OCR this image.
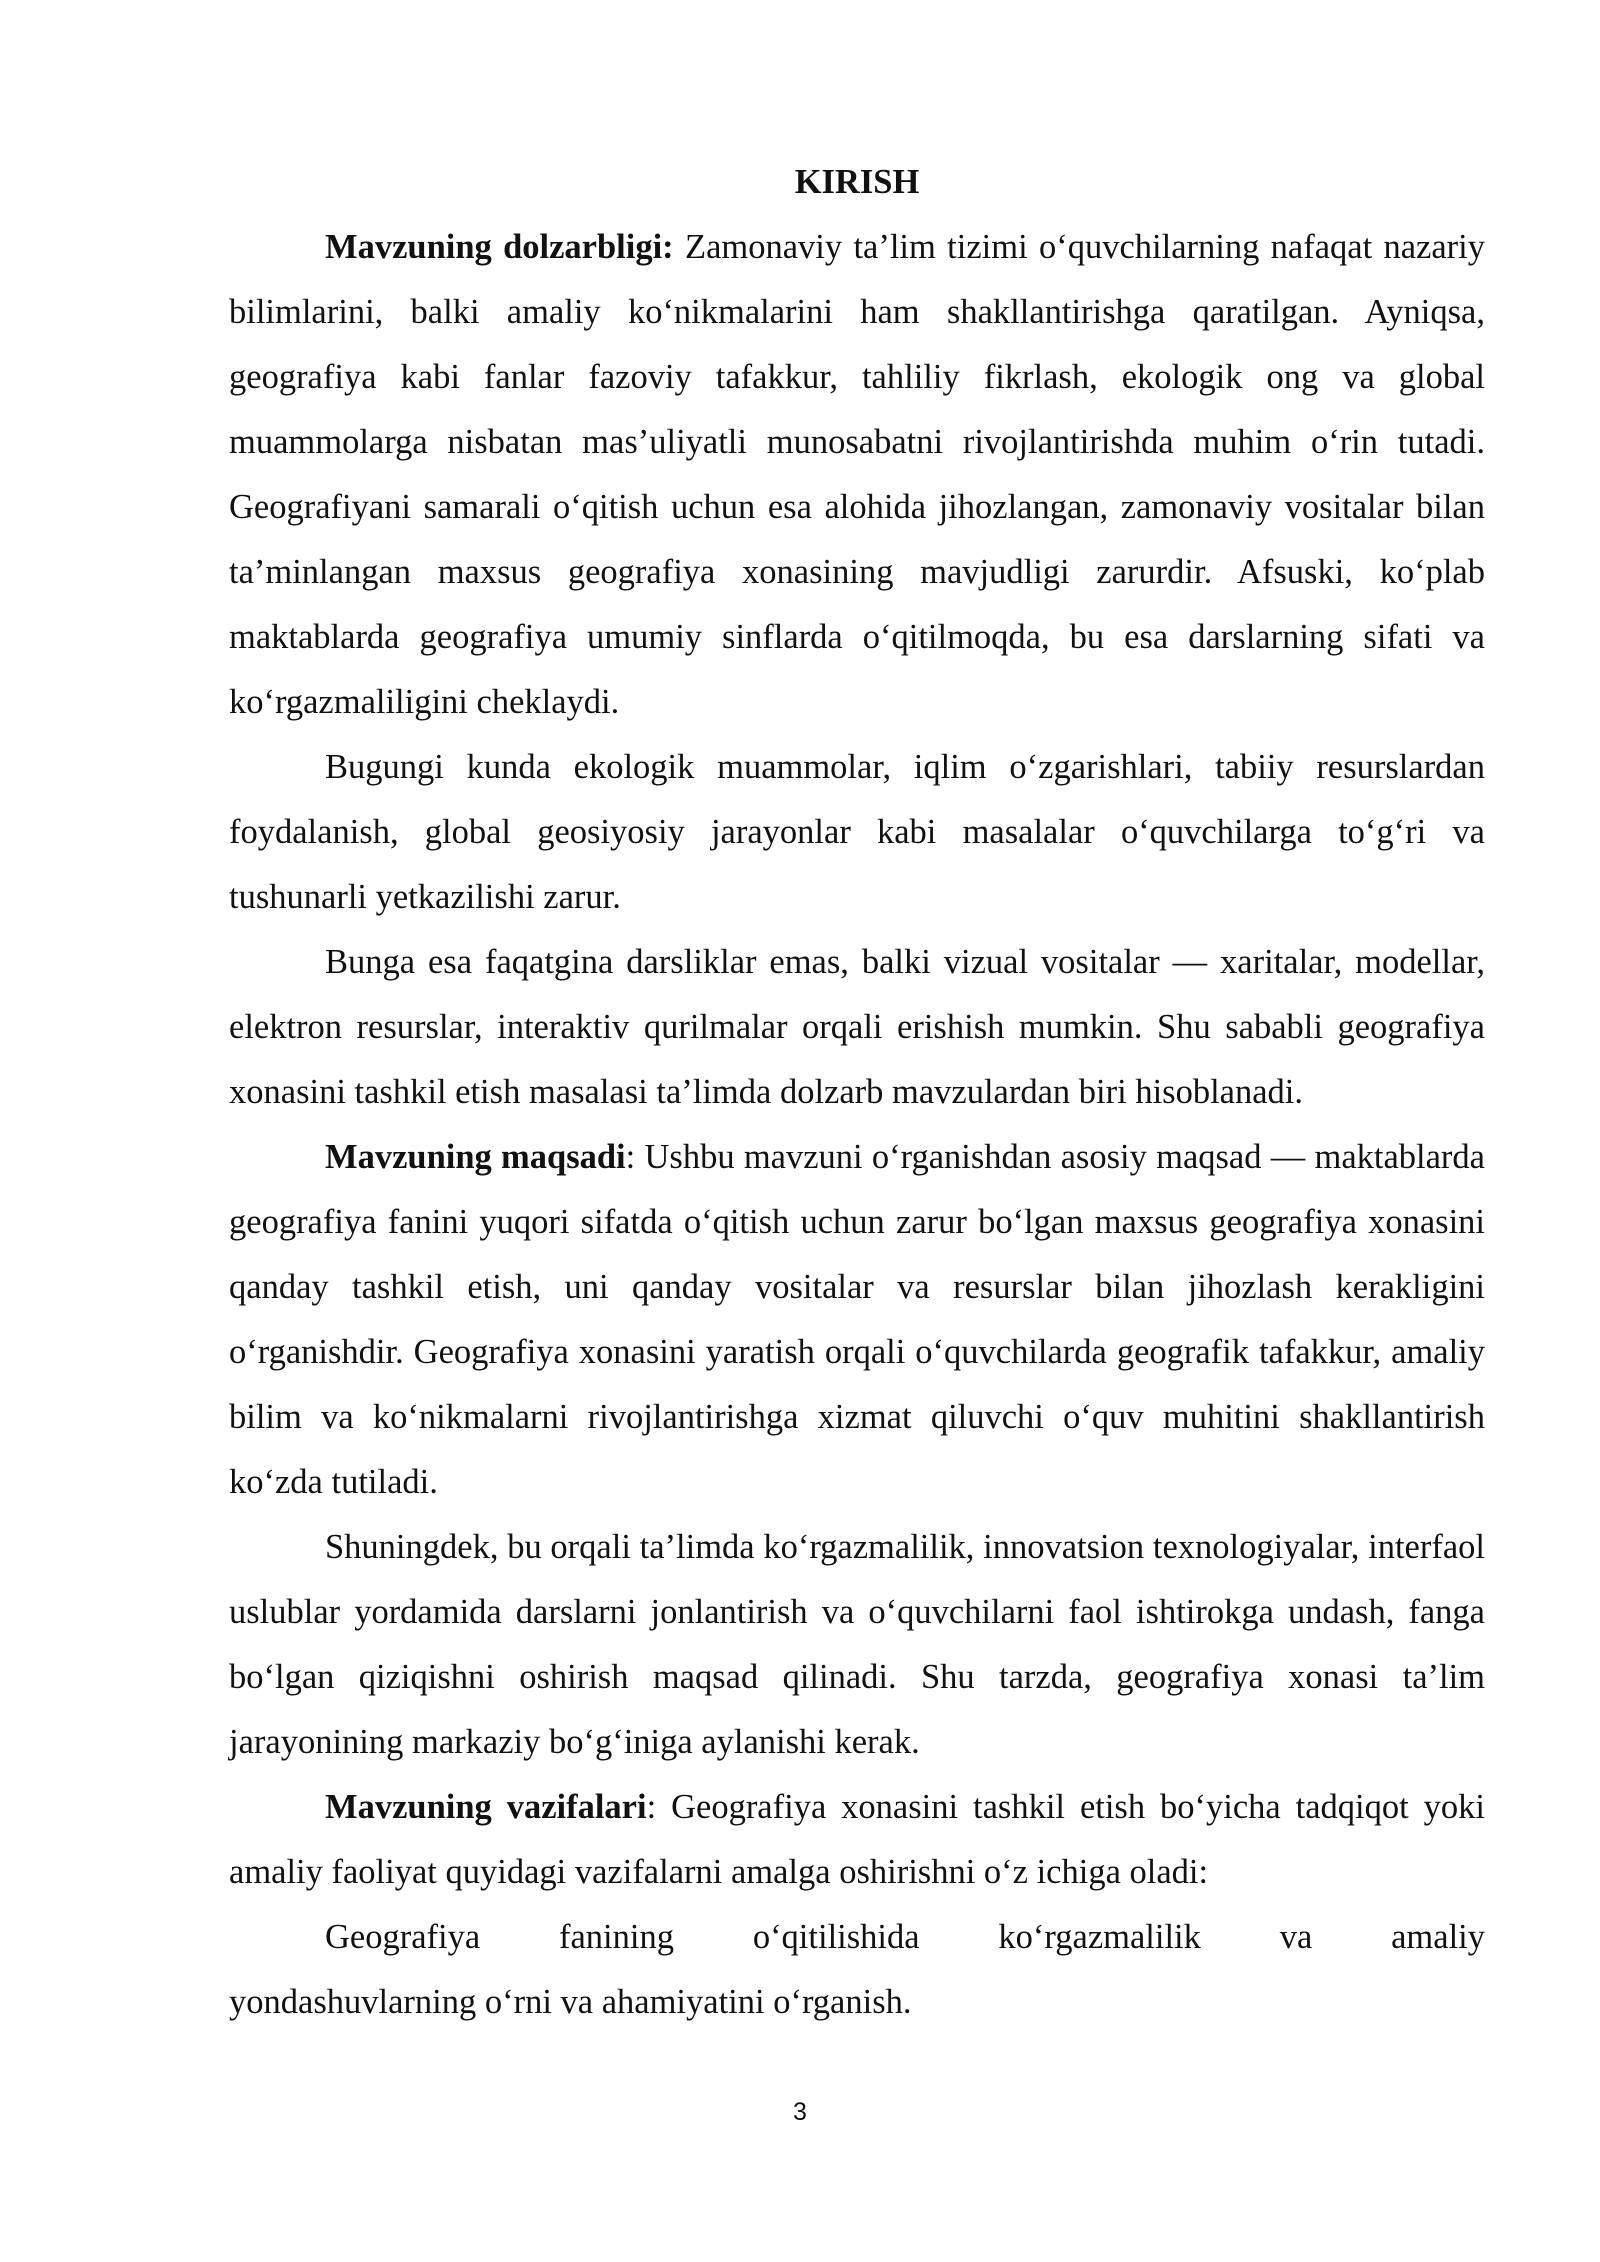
KIRISH

Mavzuning dolzarbligi: Zamonaviy ta’lim tizimi o‘quvchilarning nafaqat nazariy bilimlarini, balki amaliy ko‘nikmalarini ham shakllantirishga qaratilgan. Ayniqsa, geografiya kabi fanlar fazoviy tafakkur, tahliliy fikrlash, ekologik ong va global muammolarga nisbatan mas’uliyatli munosabatni rivojlantirishda muhim o‘rin tutadi. Geografiyani samarali o‘qitish uchun esa alohida jihozlangan, zamonaviy vositalar bilan ta’minlangan maxsus geografiya xonasining mavjudligi zarurdir. Afsuski, ko‘plab maktablarda geografiya umumiy sinflarda o‘qitilmoqda, bu esa darslarning sifati va ko‘rgazmaliligini cheklaydi.

Bugungi kunda ekologik muammolar, iqlim o‘zgarishlari, tabiiy resurslardan foydalanish, global geosiyosiy jarayonlar kabi masalalar o‘quvchilarga to‘g‘ri va tushunarli yetkazilishi zarur.

Bunga esa faqatgina darsliklar emas, balki vizual vositalar — xaritalar, modellar, elektron resurslar, interaktiv qurilmalar orqali erishish mumkin. Shu sababli geografiya xonasini tashkil etish masalasi ta’limda dolzarb mavzulardan biri hisoblanadi.

Mavzuning maqsadi: Ushbu mavzuni o‘rganishdan asosiy maqsad — maktablarda geografiya fanini yuqori sifatda o‘qitish uchun zarur bo‘lgan maxsus geografiya xonasini qanday tashkil etish, uni qanday vositalar va resurslar bilan jihozlash kerakligini o‘rganishdir. Geografiya xonasini yaratish orqali o‘quvchilarda geografik tafakkur, amaliy bilim va ko‘nikmalarni rivojlantirishga xizmat qiluvchi o‘quv muhitini shakllantirish ko‘zda tutiladi.

Shuningdek, bu orqali ta’limda ko‘rgazmalilik, innovatsion texnologiyalar, interfaol uslublar yordamida darslarni jonlantirish va o‘quvchilarni faol ishtirokga undash, fanga bo‘lgan qiziqishni oshirish maqsad qilinadi. Shu tarzda, geografiya xonasi ta’lim jarayonining markaziy bo‘g‘iniga aylanishi kerak.

Mavzuning vazifalari: Geografiya xonasini tashkil etish bo‘yicha tadqiqot yoki amaliy faoliyat quyidagi vazifalarni amalga oshirishni o‘z ichiga oladi:

Geografiya fanining o‘qitilishida ko‘rgazmalilik va amaliy

yondashuvlarning o‘rni va ahamiyatini o‘rganish.
3
